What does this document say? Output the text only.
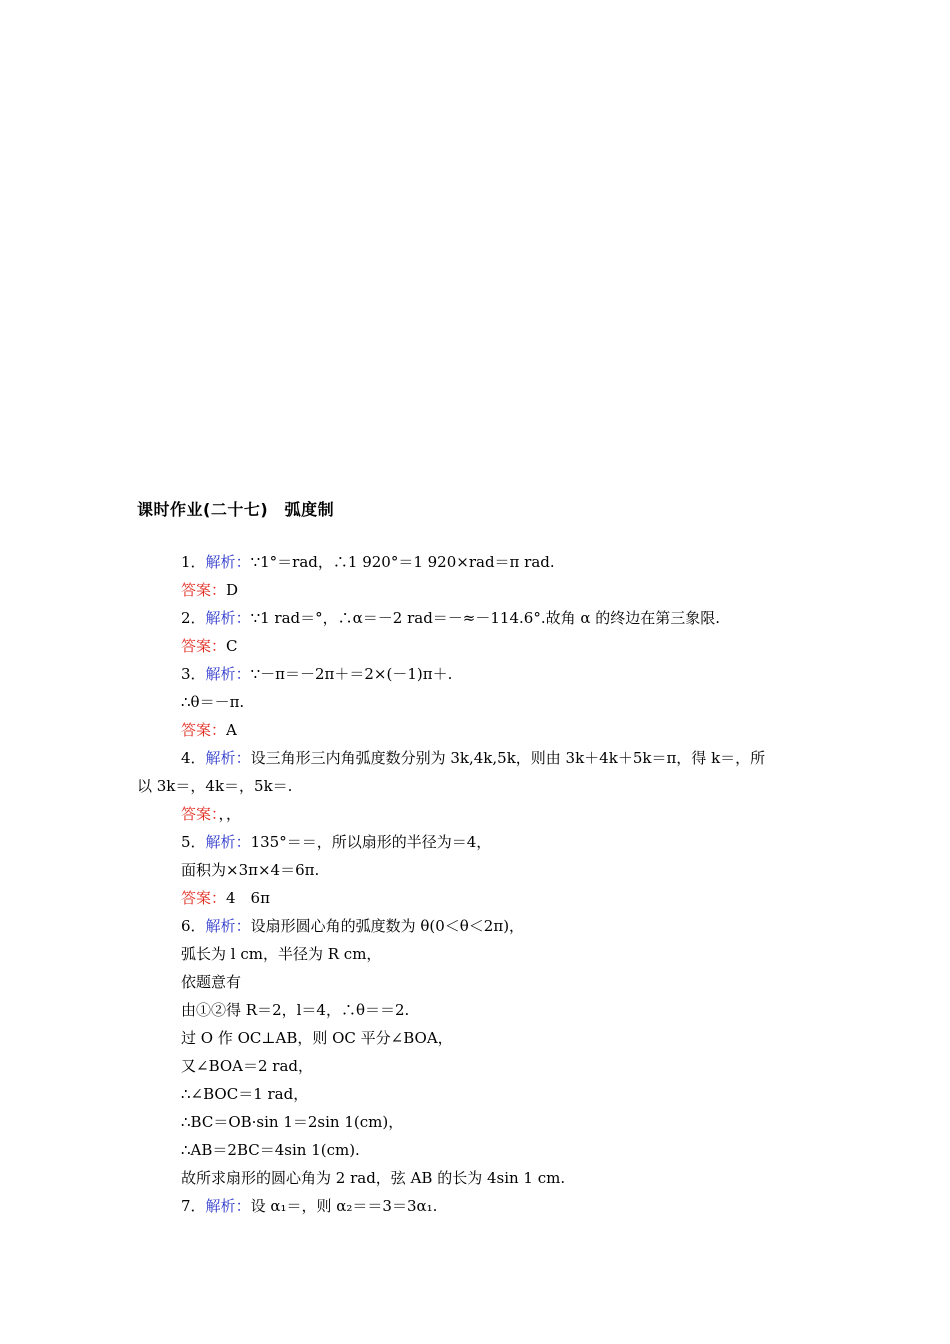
课时作业(二十七)　弧度制
1．解析：∵1°＝rad，∴1 920°＝1 920×rad＝π rad.
答案：D
2．解析：∵1 rad＝°，∴α＝－2 rad＝－≈－114.6°.故角 α 的终边在第三象限.
答案：C
3．解析：∵－π＝－2π＋＝2×(－1)π＋.
∴θ＝－π.
答案：A
4．解析：设三角形三内角弧度数分别为 3k,4k,5k，则由 3k＋4k＋5k＝π，得 k＝，所
以 3k＝，4k＝，5k＝.
答案：，，
5．解析：135°＝＝，所以扇形的半径为＝4，
面积为×3π×4＝6π.
答案：4　6π
6．解析：设扇形圆心角的弧度数为 θ(0＜θ＜2π)，
弧长为 l cm，半径为 R cm，
依题意有
由①②得 R＝2，l＝4，∴θ＝＝2.
过 O 作 OC⊥AB，则 OC 平分∠BOA，
又∠BOA＝2 rad，
∴∠BOC＝1 rad，
∴BC＝OB·sin 1＝2sin 1(cm)，
∴AB＝2BC＝4sin 1(cm).
故所求扇形的圆心角为 2 rad，弦 AB 的长为 4sin 1 cm.
7．解析：设 α₁＝，则 α₂＝＝3＝3α₁.
